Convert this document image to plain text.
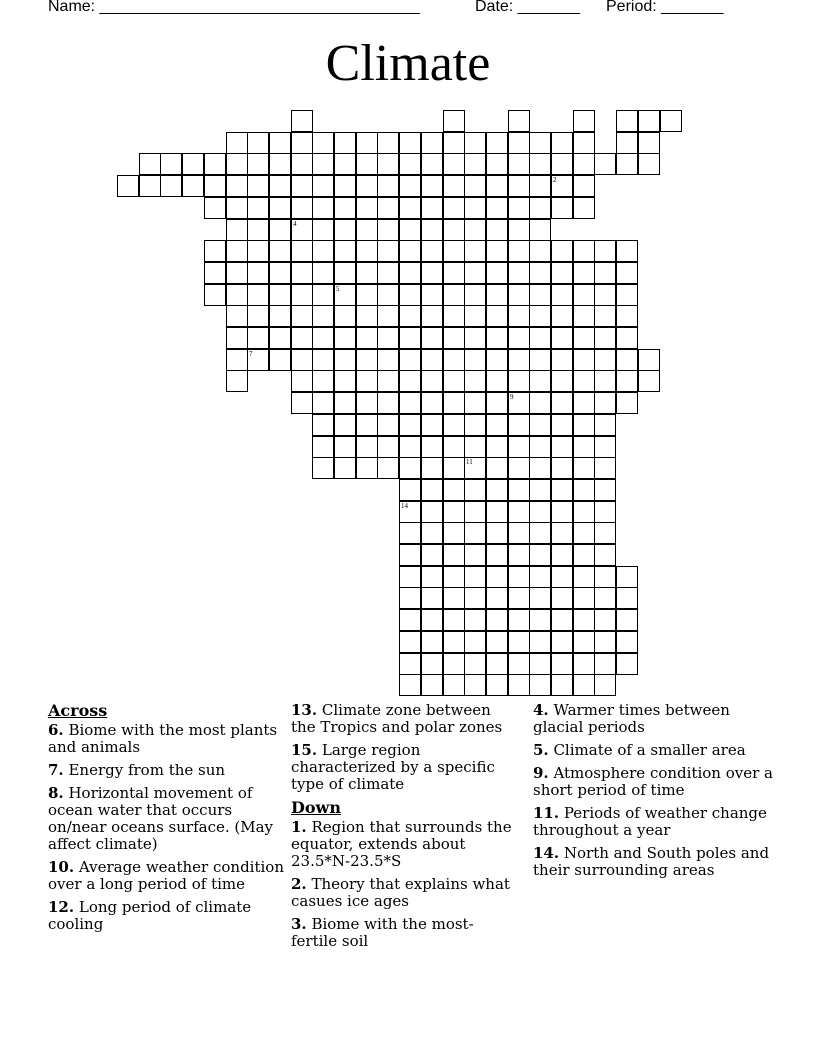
Name: ____________________________________	Date: _______ Period: _______
Climate
2
4
5
7
9
11
14
Across
6. Biome with the most plants and animals
7. Energy from the sun
8. Horizontal movement of ocean water that occurs on/near oceans surface. (May affect climate)
10. Average weather condition over a long period of time
12. Long period of climate cooling
13. Climate zone between the Tropics and polar zones
15. Large region characterized by a specific type of climate
Down
1. Region that surrounds the equator, extends about 23.5*N-23.5*S
2. Theory that explains what casues ice ages
3. Biome with the most-fertile soil
4. Warmer times between glacial periods
5. Climate of a smaller area
9. Atmosphere condition over a short period of time
11. Periods of weather change throughout a year
14. North and South poles and their surrounding areas
